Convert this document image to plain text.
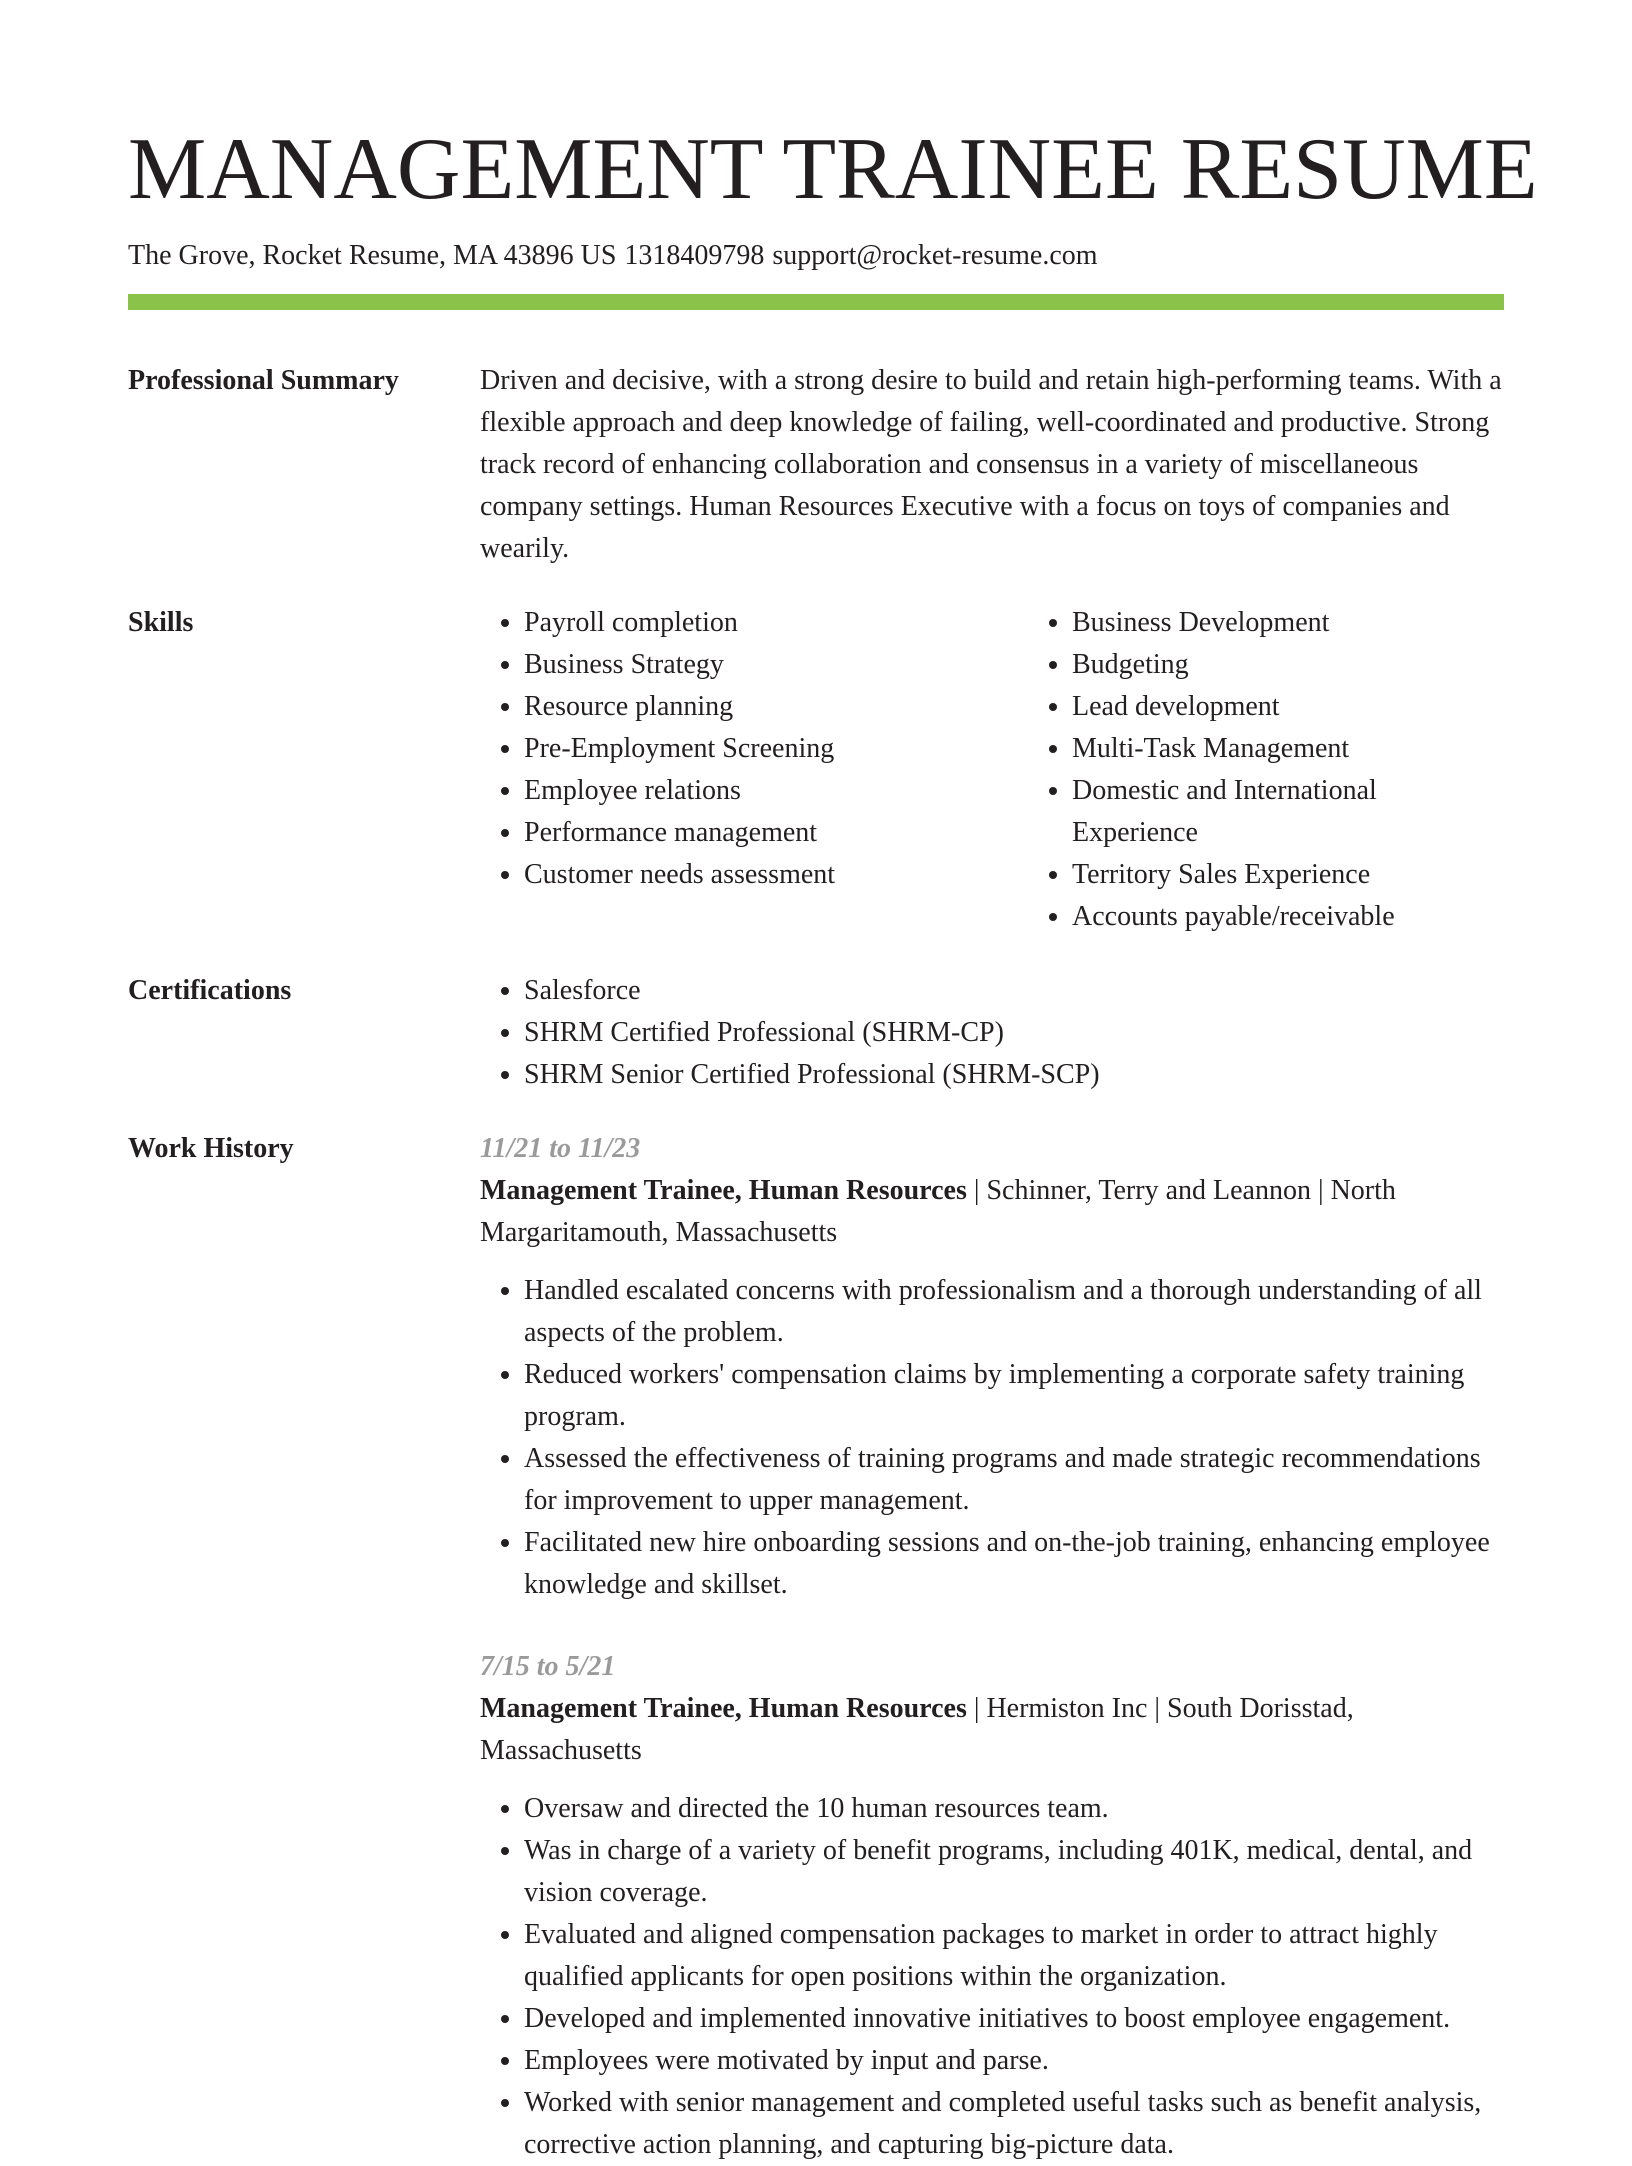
MANAGEMENT TRAINEE RESUME
The Grove, Rocket Resume, MA 43896 US 1318409798 support@rocket-resume.com
Professional Summary	Driven and decisive, with a strong desire to build and retain high-performing teams. With a flexible approach and deep knowledge of failing, well-coordinated and productive. Strong track record of enhancing collaboration and consensus in a variety of miscellaneous company settings. Human Resources Executive with a focus on toys of companies and wearily.
Skills	• Payroll completion
• Business Strategy
• Resource planning
• Pre-Employment Screening
• Employee relations
• Performance management
• Customer needs assessment
• Business Development
• Budgeting
• Lead development
• Multi-Task Management
• Domestic and International Experience
• Territory Sales Experience
• Accounts payable/receivable
Certifications	• Salesforce
• SHRM Certified Professional (SHRM-CP)
• SHRM Senior Certified Professional (SHRM-SCP)
Work History	11/21 to 11/23
Management Trainee, Human Resources | Schinner, Terry and Leannon | North Margaritamouth, Massachusetts
• Handled escalated concerns with professionalism and a thorough understanding of all aspects of the problem.
• Reduced workers' compensation claims by implementing a corporate safety training program.
• Assessed the effectiveness of training programs and made strategic recommendations for improvement to upper management.
• Facilitated new hire onboarding sessions and on-the-job training, enhancing employee knowledge and skillset.
7/15 to 5/21
Management Trainee, Human Resources | Hermiston Inc | South Dorisstad, Massachusetts
• Oversaw and directed the 10 human resources team.
• Was in charge of a variety of benefit programs, including 401K, medical, dental, and vision coverage.
• Evaluated and aligned compensation packages to market in order to attract highly qualified applicants for open positions within the organization.
• Developed and implemented innovative initiatives to boost employee engagement.
• Employees were motivated by input and parse.
• Worked with senior management and completed useful tasks such as benefit analysis, corrective action planning, and capturing big-picture data.
